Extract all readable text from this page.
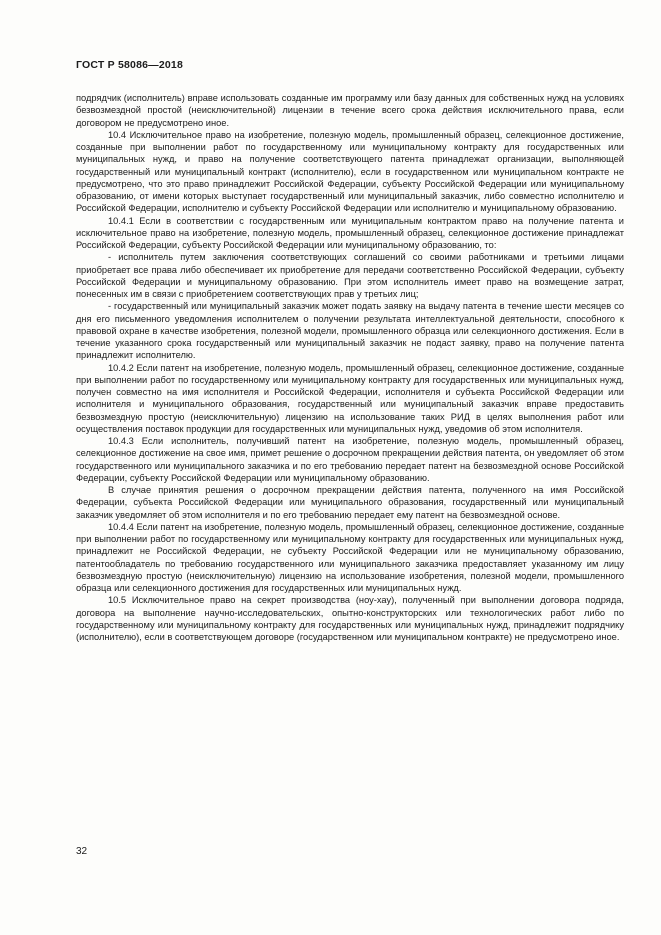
ГОСТ Р 58086—2018

подрядчик (исполнитель) вправе использовать созданные им программу или базу данных для собственных нужд на условиях безвозмездной простой (неисключительной) лицензии в течение всего срока действия исключительного права, если договором не предусмотрено иное.

10.4 Исключительное право на изобретение, полезную модель, промышленный образец, селекционное достижение, созданные при выполнении работ по государственному или муниципальному контракту для государственных или муниципальных нужд, и право на получение соответствующего патента принадлежат организации, выполняющей государственный или муниципальный контракт (исполнителю), если в государственном или муниципальном контракте не предусмотрено, что это право принадлежит Российской Федерации, субъекту Российской Федерации или муниципальному образованию, от имени которых выступает государственный или муниципальный заказчик, либо совместно исполнителю и Российской Федерации, исполнителю и субъекту Российской Федерации или исполнителю и муниципальному образованию.

10.4.1 Если в соответствии с государственным или муниципальным контрактом право на получение патента и исключительное право на изобретение, полезную модель, промышленный образец, селекционное достижение принадлежат Российской Федерации, субъекту Российской Федерации или муниципальному образованию, то:

- исполнитель путем заключения соответствующих соглашений со своими работниками и третьими лицами приобретает все права либо обеспечивает их приобретение для передачи соответственно Российской Федерации, субъекту Российской Федерации и муниципальному образованию. При этом исполнитель имеет право на возмещение затрат, понесенных им в связи с приобретением соответствующих прав у третьих лиц;

- государственный или муниципальный заказчик может подать заявку на выдачу патента в течение шести месяцев со дня его письменного уведомления исполнителем о получении результата интеллектуальной деятельности, способного к правовой охране в качестве изобретения, полезной модели, промышленного образца или селекционного достижения. Если в течение указанного срока государственный или муниципальный заказчик не подаст заявку, право на получение патента принадлежит исполнителю.

10.4.2 Если патент на изобретение, полезную модель, промышленный образец, селекционное достижение, созданные при выполнении работ по государственному или муниципальному контракту для государственных или муниципальных нужд, получен совместно на имя исполнителя и Российской Федерации, исполнителя и субъекта Российской Федерации или исполнителя и муниципального образования, государственный или муниципальный заказчик вправе предоставить безвозмездную простую (неисключительную) лицензию на использование таких РИД в целях выполнения работ или осуществления поставок продукции для государственных или муниципальных нужд, уведомив об этом исполнителя.

10.4.3 Если исполнитель, получивший патент на изобретение, полезную модель, промышленный образец, селекционное достижение на свое имя, примет решение о досрочном прекращении действия патента, он уведомляет об этом государственного или муниципального заказчика и по его требованию передает патент на безвозмездной основе Российской Федерации, субъекту Российской Федерации или муниципальному образованию.

В случае принятия решения о досрочном прекращении действия патента, полученного на имя Российской Федерации, субъекта Российской Федерации или муниципального образования, государственный или муниципальный заказчик уведомляет об этом исполнителя и по его требованию передает ему патент на безвозмездной основе.

10.4.4 Если патент на изобретение, полезную модель, промышленный образец, селекционное достижение, созданные при выполнении работ по государственному или муниципальному контракту для государственных или муниципальных нужд, принадлежит не Российской Федерации, не субъекту Российской Федерации или не муниципальному образованию, патентообладатель по требованию государственного или муниципального заказчика предоставляет указанному им лицу безвозмездную простую (неисключительную) лицензию на использование изобретения, полезной модели, промышленного образца или селекционного достижения для государственных или муниципальных нужд.

10.5 Исключительное право на секрет производства (ноу-хау), полученный при выполнении договора подряда, договора на выполнение научно-исследовательских, опытно-конструкторских или технологических работ либо по государственному или муниципальному контракту для государственных или муниципальных нужд, принадлежит подрядчику (исполнителю), если в соответствующем договоре (государственном или муниципальном контракте) не предусмотрено иное.

32
